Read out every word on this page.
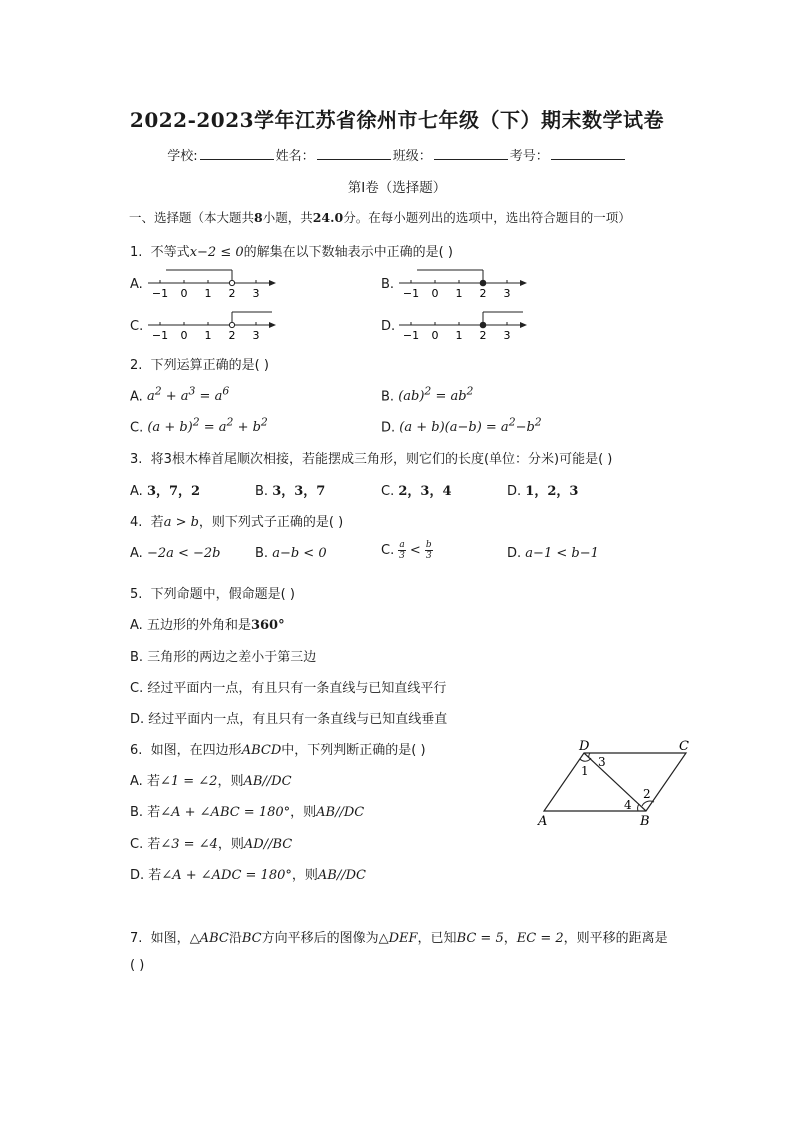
2022-2023学年江苏省徐州市七年级（下）期末数学试卷
学校:	姓名：	班级：	考号：
第I卷（选择题）
一、选择题（本大题共8小题，共24.0分。在每小题列出的选项中，选出符合题目的一项）
1. 不等式x−2 ≤ 0的解集在以下数轴表示中正确的是( )
A.
−1 0 1 2 3
B.
−1 0 1 2 3
C.
−1 0 1 2 3
D.
−1 0 1 2 3
2. 下列运算正确的是( )
A. $a^2 + a^3 = a^6$	B. $(ab)^2 = ab^2$
C. $(a + b)^2 = a^2 + b^2$	D. $(a + b)(a-b) = a^2-b^2$
3. 将3根木棒首尾顺次相接，若能摆成三角形，则它们的长度(单位：分米)可能是( )
A. 3，7，2	B. 3，3，7	C. 2，3，4	D. 1，2，3
4. 若a > b，则下列式子正确的是( )
A. −2a < −2b	B. a−b < 0	C. $\frac{a}{3} < \frac{b}{3}$	D. a−1 < b−1
5. 下列命题中，假命题是( )
A. 五边形的外角和是360°
B. 三角形的两边之差小于第三边
C. 经过平面内一点，有且只有一条直线与已知直线平行
D. 经过平面内一点，有且只有一条直线与已知直线垂直
6. 如图，在四边形ABCD中，下列判断正确的是( )
A. 若∠1 = ∠2，则AB//DC
B. 若∠A + ∠ABC = 180°，则AB//DC
C. 若∠3 = ∠4，则AD//BC
D. 若∠A + ∠ADC = 180°，则AB//DC
D	C
A	B
1
3
2
4
7. 如图，△ABC沿BC方向平移后的图像为△DEF，已知BC = 5，EC = 2，则平移的距离是
( )
